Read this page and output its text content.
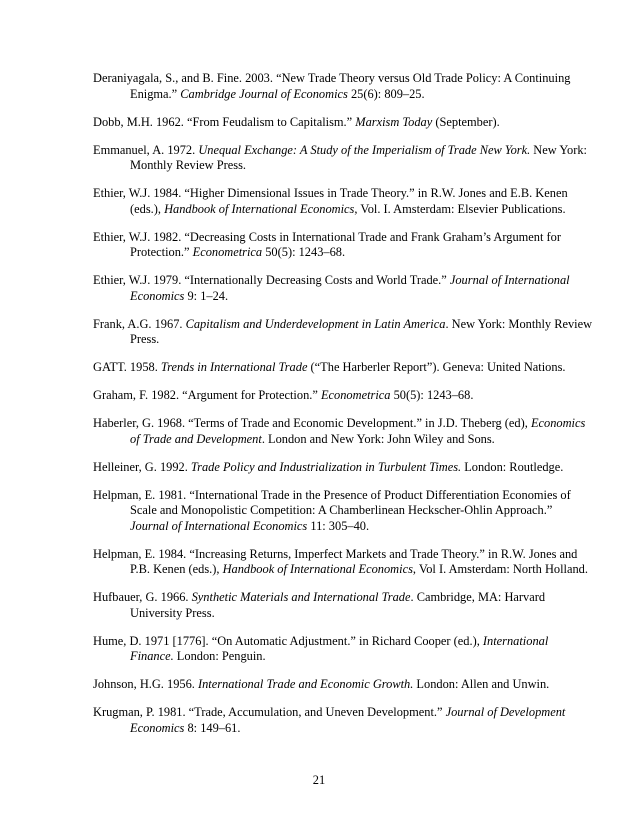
Deraniyagala, S., and B. Fine. 2003. “New Trade Theory versus Old Trade Policy: A Continuing Enigma.” Cambridge Journal of Economics 25(6): 809–25.

Dobb, M.H. 1962. “From Feudalism to Capitalism.” Marxism Today (September).

Emmanuel, A. 1972. Unequal Exchange: A Study of the Imperialism of Trade New York. New York: Monthly Review Press.

Ethier, W.J. 1984. “Higher Dimensional Issues in Trade Theory.” in R.W. Jones and E.B. Kenen (eds.), Handbook of International Economics, Vol. I. Amsterdam: Elsevier Publications.

Ethier, W.J. 1982. “Decreasing Costs in International Trade and Frank Graham’s Argument for Protection.” Econometrica 50(5): 1243–68.

Ethier, W.J. 1979. “Internationally Decreasing Costs and World Trade.” Journal of International Economics 9: 1–24.

Frank, A.G. 1967. Capitalism and Underdevelopment in Latin America. New York: Monthly Review Press.

GATT. 1958. Trends in International Trade (“The Harberler Report”). Geneva: United Nations.

Graham, F. 1982. “Argument for Protection.” Econometrica 50(5): 1243–68.

Haberler, G. 1968. “Terms of Trade and Economic Development.” in J.D. Theberg (ed), Economics of Trade and Development. London and New York: John Wiley and Sons.

Helleiner, G. 1992. Trade Policy and Industrialization in Turbulent Times. London: Routledge.

Helpman, E. 1981. “International Trade in the Presence of Product Differentiation Economies of Scale and Monopolistic Competition: A Chamberlinean Heckscher-Ohlin Approach.” Journal of International Economics 11: 305–40.

Helpman, E. 1984. “Increasing Returns, Imperfect Markets and Trade Theory.” in R.W. Jones and P.B. Kenen (eds.), Handbook of International Economics, Vol I. Amsterdam: North Holland.

Hufbauer, G. 1966. Synthetic Materials and International Trade. Cambridge, MA: Harvard University Press.

Hume, D. 1971 [1776]. “On Automatic Adjustment.” in Richard Cooper (ed.), International Finance. London: Penguin.

Johnson, H.G. 1956. International Trade and Economic Growth. London: Allen and Unwin.

Krugman, P. 1981. “Trade, Accumulation, and Uneven Development.” Journal of Development Economics 8: 149–61.

21
